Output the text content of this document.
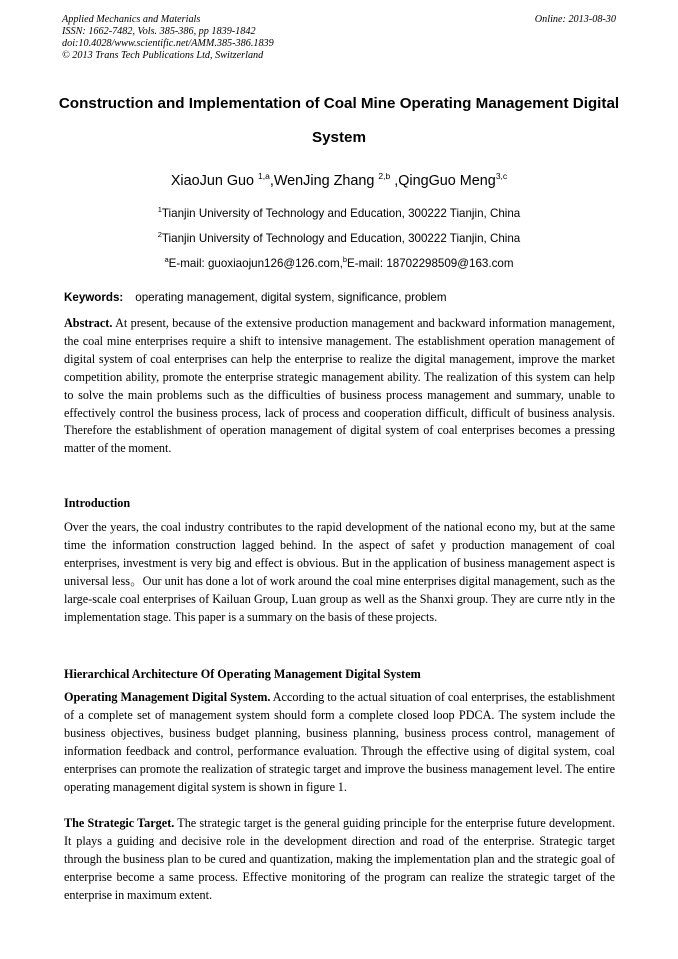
Applied Mechanics and Materials
ISSN: 1662-7482, Vols. 385-386, pp 1839-1842
doi:10.4028/www.scientific.net/AMM.385-386.1839
© 2013 Trans Tech Publications Ltd, Switzerland
Online: 2013-08-30
Construction and Implementation of Coal Mine Operating Management Digital System
XiaoJun Guo $^{1,a}$,WenJing Zhang $^{2,b}$ ,QingGuo Meng$^{3,c}$
$^1$Tianjin University of Technology and Education, 300222 Tianjin, China
$^2$Tianjin University of Technology and Education, 300222 Tianjin, China
$^a$E-mail: guoxiaojun126@126.com,$^b$E-mail: 18702298509@163.com
Keywords: operating management, digital system, significance, problem
Abstract. At present, because of the extensive production management and backward information management, the coal mine enterprises require a shift to intensive management. The establishment operation management of digital system of coal enterprises can help the enterprise to realize the digital management, improve the market competition ability, promote the enterprise strategic management ability. The realization of this system can help to solve the main problems such as the difficulties of business process management and summary, unable to effectively control the business process, lack of process and cooperation difficult, difficult of business analysis. Therefore the establishment of operation management of digital system of coal enterprises becomes a pressing matter of the moment.
Introduction
Over the years, the coal industry contributes to the rapid development of the national econo my, but at the same time the information construction lagged behind. In the aspect of safet y production management of coal enterprises, investment is very big and effect is obvious. But in the application of business management aspect is universal less。Our unit has done a lot of work around the coal mine enterprises digital management, such as the large-scale coal enterprises of Kailuan Group, Luan group as well as the Shanxi group. They are curre ntly in the implementation stage. This paper is a summary on the basis of these projects.
Hierarchical Architecture Of Operating Management Digital System
Operating Management Digital System. According to the actual situation of coal enterprises, the establishment of a complete set of management system should form a complete closed loop PDCA. The system include the business objectives, business budget planning, business planning, business process control, management of information feedback and control, performance evaluation. Through the effective using of digital system, coal enterprises can promote the realization of strategic target and improve the business management level. The entire operating management digital system is shown in figure 1.
The Strategic Target. The strategic target is the general guiding principle for the enterprise future development. It plays a guiding and decisive role in the development direction and road of the enterprise. Strategic target through the business plan to be cured and quantization, making the implementation plan and the strategic goal of enterprise become a same process. Effective monitoring of the program can realize the strategic target of the enterprise in maximum extent.
